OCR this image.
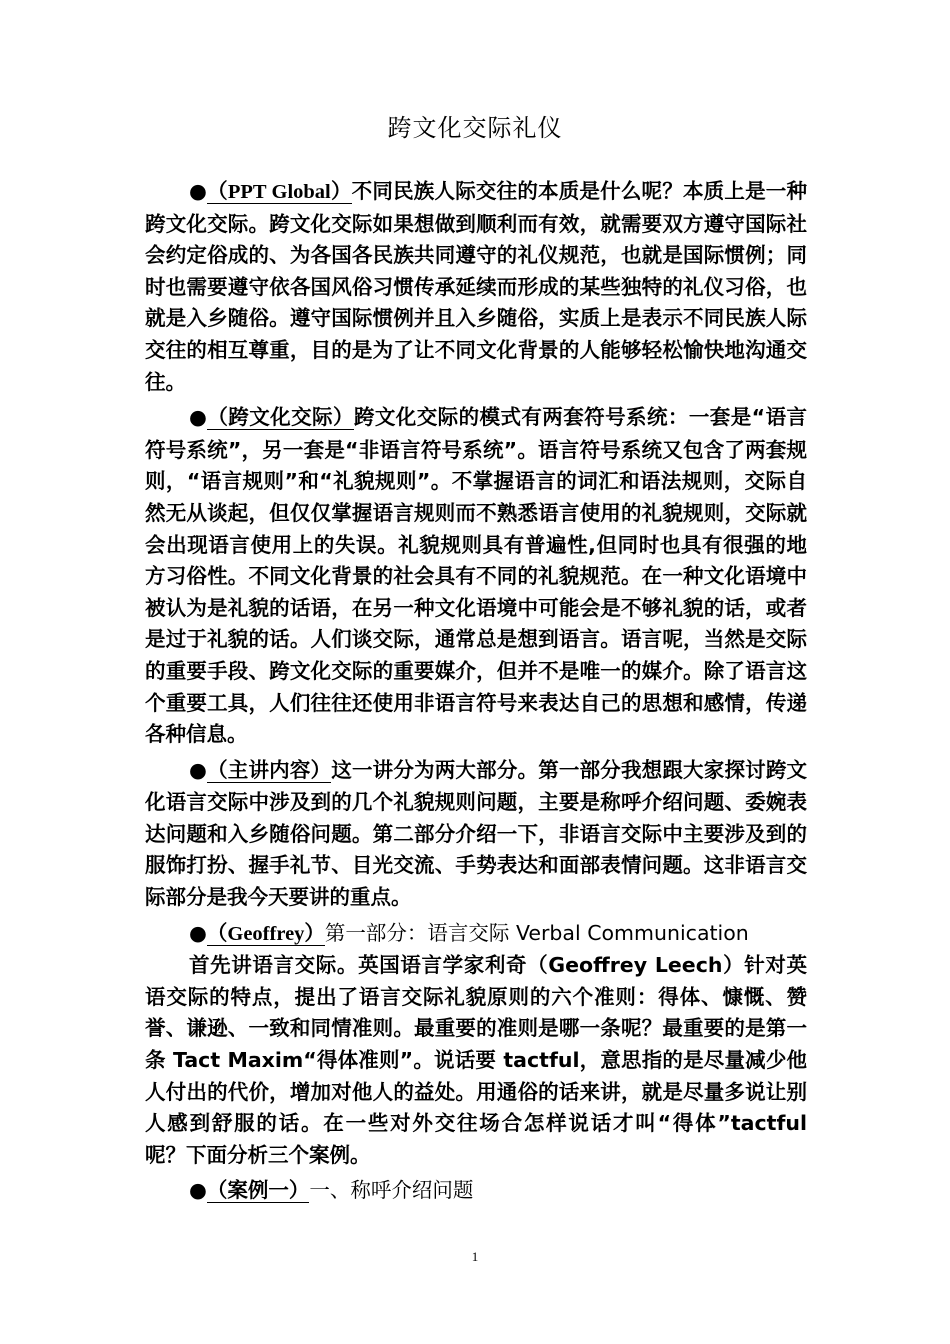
跨文化交际礼仪

●（PPT Global）不同民族人际交往的本质是什么呢？本质上是一种跨文化交际。跨文化交际如果想做到顺利而有效，就需要双方遵守国际社会约定俗成的、为各国各民族共同遵守的礼仪规范，也就是国际惯例；同时也需要遵守依各国风俗习惯传承延续而形成的某些独特的礼仪习俗，也就是入乡随俗。遵守国际惯例并且入乡随俗，实质上是表示不同民族人际交往的相互尊重，目的是为了让不同文化背景的人能够轻松愉快地沟通交往。

●（跨文化交际）跨文化交际的模式有两套符号系统：一套是“语言符号系统”，另一套是“非语言符号系统”。语言符号系统又包含了两套规则，“语言规则”和“礼貌规则”。不掌握语言的词汇和语法规则，交际自然无从谈起，但仅仅掌握语言规则而不熟悉语言使用的礼貌规则，交际就会出现语言使用上的失误。礼貌规则具有普遍性,但同时也具有很强的地方习俗性。不同文化背景的社会具有不同的礼貌规范。在一种文化语境中被认为是礼貌的话语，在另一种文化语境中可能会是不够礼貌的话，或者是过于礼貌的话。人们谈交际，通常总是想到语言。语言呢，当然是交际的重要手段、跨文化交际的重要媒介，但并不是唯一的媒介。除了语言这个重要工具，人们往往还使用非语言符号来表达自己的思想和感情，传递各种信息。

●（主讲内容）这一讲分为两大部分。第一部分我想跟大家探讨跨文化语言交际中涉及到的几个礼貌规则问题，主要是称呼介绍问题、委婉表达问题和入乡随俗问题。第二部分介绍一下，非语言交际中主要涉及到的服饰打扮、握手礼节、目光交流、手势表达和面部表情问题。这非语言交际部分是我今天要讲的重点。

●（Geoffrey）第一部分：语言交际 Verbal Communication

首先讲语言交际。英国语言学家利奇（Geoffrey Leech）针对英语交际的特点，提出了语言交际礼貌原则的六个准则：得体、慷慨、赞誉、谦逊、一致和同情准则。最重要的准则是哪一条呢？最重要的是第一条 Tact Maxim“得体准则”。说话要 tactful，意思指的是尽量减少他人付出的代价，增加对他人的益处。用通俗的话来讲，就是尽量多说让别人感到舒服的话。在一些对外交往场合怎样说话才叫“得体”tactful 呢？下面分析三个案例。

●（案例一）一、称呼介绍问题

1
